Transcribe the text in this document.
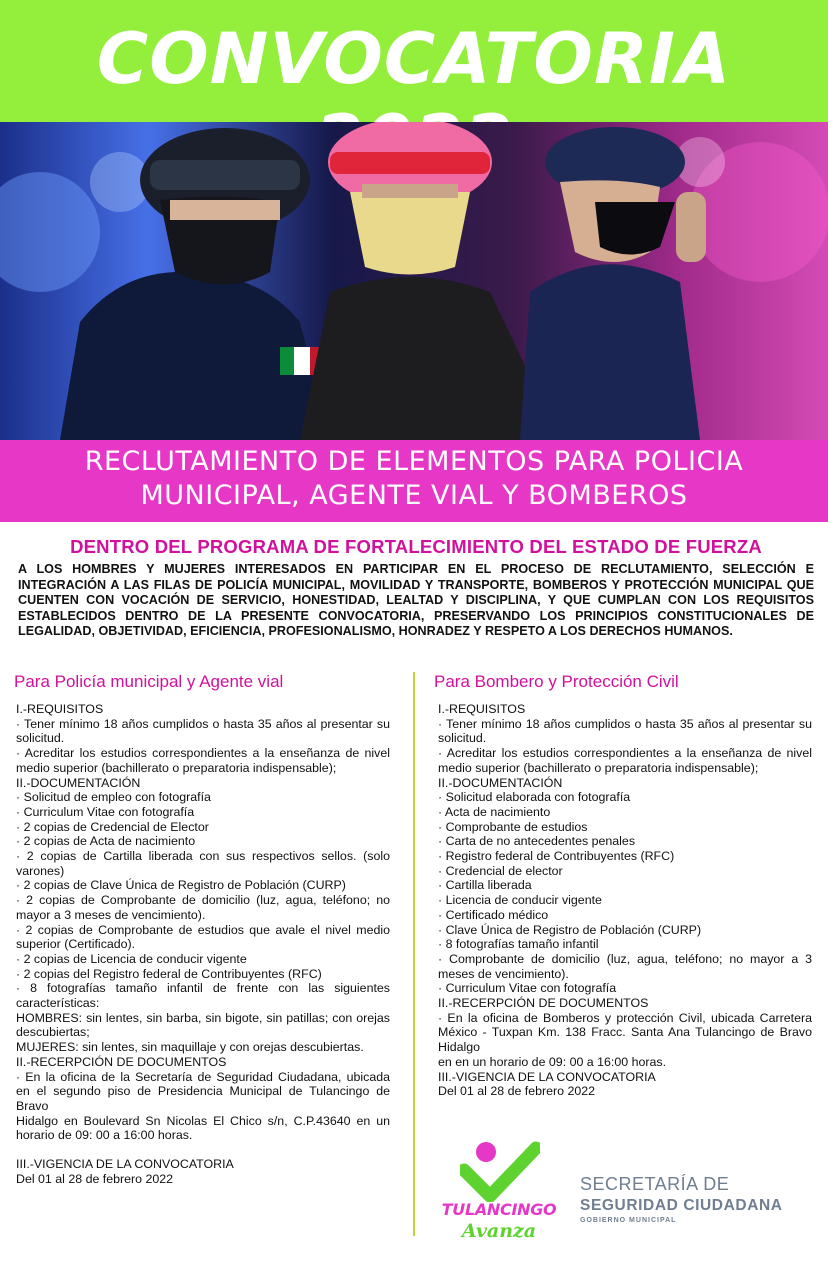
CONVOCATORIA
RECLUTAMIENTO DE ELEMENTOS PARA POLICIA
MUNICIPAL, AGENTE VIAL Y BOMBEROS
DENTRO DEL PROGRAMA DE FORTALECIMIENTO DEL ESTADO DE FUERZA
A LOS HOMBRES Y MUJERES INTERESADOS EN PARTICIPAR EN EL PROCESO DE RECLUTAMIENTO, SELECCIÓN E INTEGRACIÓN A LAS FILAS DE POLICÍA MUNICIPAL, MOVILIDAD Y TRANSPORTE, BOMBEROS Y PROTECCIÓN MUNICIPAL QUE CUENTEN CON VOCACIÓN DE SERVICIO, HONESTIDAD, LEALTAD Y DISCIPLINA, Y QUE CUMPLAN CON LOS REQUISITOS ESTABLECIDOS DENTRO DE LA PRESENTE CONVOCATORIA, PRESERVANDO LOS PRINCIPIOS CONSTITUCIONALES DE LEGALIDAD, OBJETIVIDAD, EFICIENCIA, PROFESIONALISMO, HONRADEZ Y RESPETO A LOS DERECHOS HUMANOS.
Para Policía municipal y Agente vial	Para Bombero y Protección Civil
I.-REQUISITOS
· Tener mínimo 18 años cumplidos o hasta 35 años al presentar su solicitud.
· Acreditar los estudios correspondientes a la enseñanza de nivel medio superior (bachillerato o preparatoria indispensable);
II.-DOCUMENTACIÓN
· Solicitud de empleo con fotografía
· Curriculum Vitae con fotografía
· 2 copias de Credencial de Elector
· 2 copias de Acta de nacimiento
· 2 copias de Cartilla liberada con sus respectivos sellos. (solo varones)
· 2 copias de Clave Única de Registro de Población (CURP)
· 2 copias de Comprobante de domicilio (luz, agua, teléfono; no mayor a 3 meses de vencimiento).
· 2 copias de Comprobante de estudios que avale el nivel medio superior (Certificado).
· 2 copias de Licencia de conducir vigente
· 2 copias del Registro federal de Contribuyentes (RFC)
· 8 fotografías tamaño infantil de frente con las siguientes características:
HOMBRES: sin lentes, sin barba, sin bigote, sin patillas; con orejas descubiertas;
MUJERES: sin lentes, sin maquillaje y con orejas descubiertas.
II.-RECERPCIÓN DE DOCUMENTOS
· En la oficina de la Secretaría de Seguridad Ciudadana, ubicada en el segundo piso de Presidencia Municipal de Tulancingo de Bravo
Hidalgo en Boulevard Sn Nicolas El Chico s/n, C.P.43640 en un horario de 09: 00 a 16:00 horas.
III.-VIGENCIA DE LA CONVOCATORIA
Del 01 al 28 de febrero 2022
I.-REQUISITOS
· Tener mínimo 18 años cumplidos o hasta 35 años al presentar su solicitud.
· Acreditar los estudios correspondientes a la enseñanza de nivel medio superior (bachillerato o preparatoria indispensable);
II.-DOCUMENTACIÓN
· Solicitud elaborada con fotografía
· Acta de nacimiento
· Comprobante de estudios
· Carta de no antecedentes penales
· Registro federal de Contribuyentes (RFC)
· Credencial de elector
· Cartilla liberada
· Licencia de conducir vigente
· Certificado médico
· Clave Única de Registro de Población (CURP)
· 8 fotografías tamaño infantil
· Comprobante de domicilio (luz, agua, teléfono; no mayor a 3 meses de vencimiento).
· Curriculum Vitae con fotografía
II.-RECERPCIÓN DE DOCUMENTOS
· En la oficina de Bomberos y protección Civil, ubicada Carretera México - Tuxpan Km. 138 Fracc. Santa Ana Tulancingo de Bravo Hidalgo
en en un horario de 09: 00 a 16:00 horas.
III.-VIGENCIA DE LA CONVOCATORIA
Del 01 al 28 de febrero 2022
TULANCINGO
Avanza
SECRETARÍA DE
SEGURIDAD CIUDADANA
GOBIERNO MUNICIPAL
